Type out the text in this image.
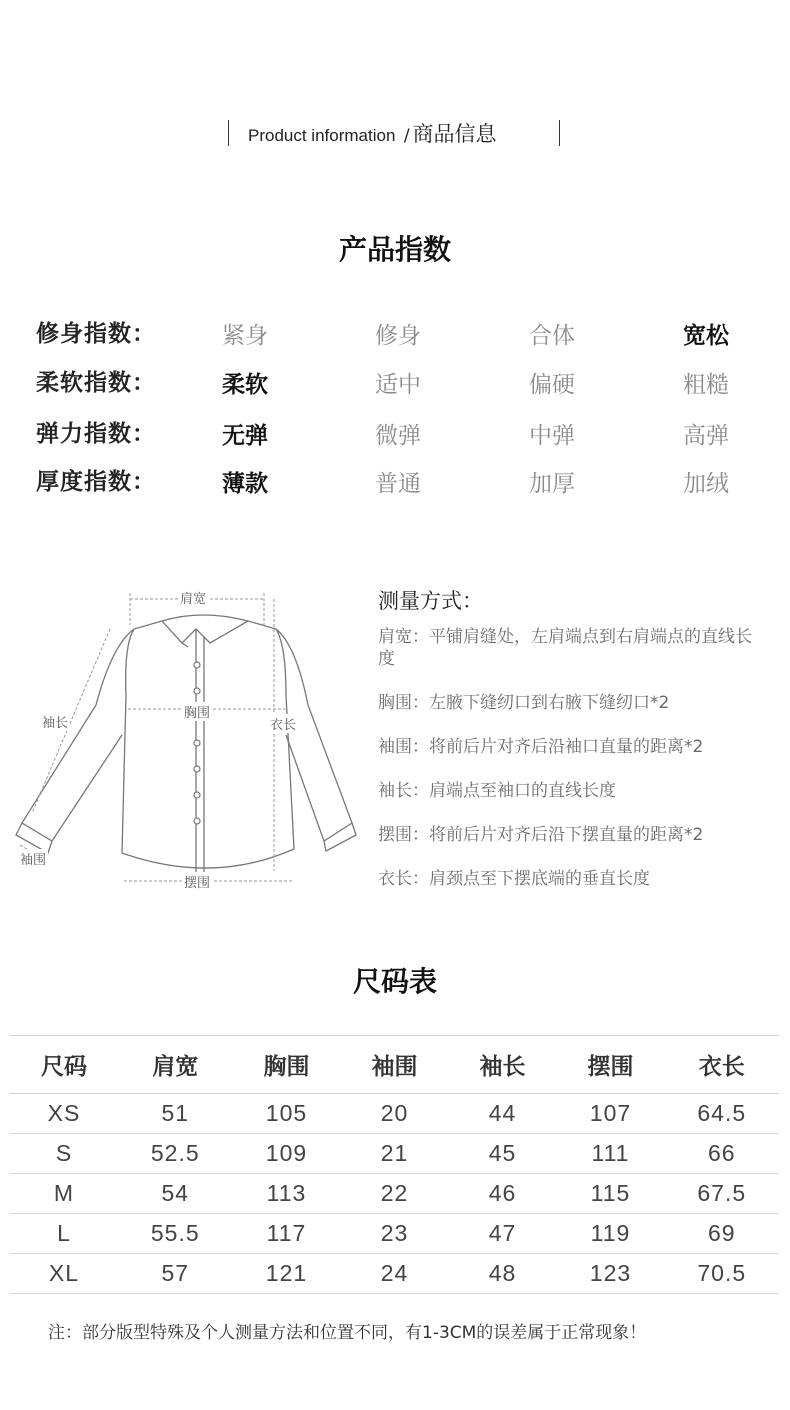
Product information / 商品信息
产品指数
修身指数：	紧身	修身	合体	宽松
柔软指数：	柔软	适中	偏硬	粗糙
弹力指数：	无弹	微弹	中弹	高弹
厚度指数：	薄款	普通	加厚	加绒
肩宽
胸围
袖长	衣长
袖围
摆围
测量方式：
肩宽：平铺肩缝处，左肩端点到右肩端点的直线长度
胸围：左腋下缝纫口到右腋下缝纫口*2
袖围：将前后片对齐后沿袖口直量的距离*2
袖长：肩端点至袖口的直线长度
摆围：将前后片对齐后沿下摆直量的距离*2
衣长：肩颈点至下摆底端的垂直长度
尺码表
尺码	肩宽	胸围	袖围	袖长	摆围	衣长
XS	51	105	20	44	107	64.5
S	52.5	109	21	45	111	66
M	54	113	22	46	115	67.5
L	55.5	117	23	47	119	69
XL	57	121	24	48	123	70.5
注：部分版型特殊及个人测量方法和位置不同，有1-3CM的误差属于正常现象！
